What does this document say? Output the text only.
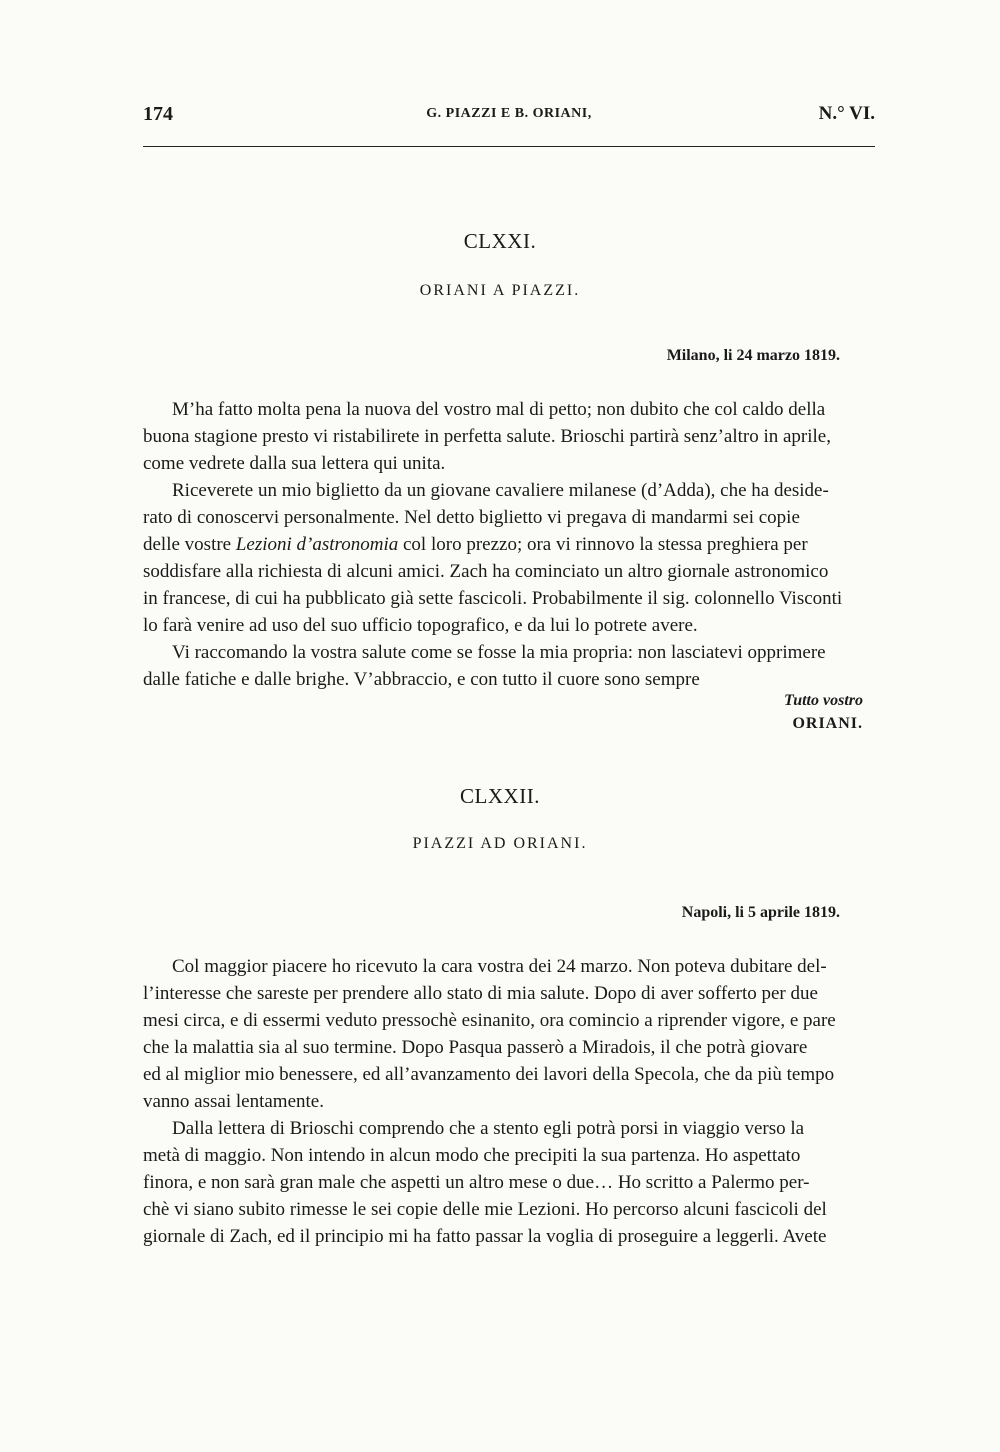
174	G. PIAZZI E B. ORIANI,	N.° VI.
CLXXI.
ORIANI A PIAZZI.
Milano, li 24 marzo 1819.
M’ha fatto molta pena la nuova del vostro mal di petto; non dubito che col caldo della
buona stagione presto vi ristabilirete in perfetta salute. Brioschi partirà senz’altro in aprile,
come vedrete dalla sua lettera qui unita.
Riceverete un mio biglietto da un giovane cavaliere milanese (d’Adda), che ha deside-
rato di conoscervi personalmente. Nel detto biglietto vi pregava di mandarmi sei copie
delle vostre Lezioni d’astronomia col loro prezzo; ora vi rinnovo la stessa preghiera per
soddisfare alla richiesta di alcuni amici. Zach ha cominciato un altro giornale astronomico
in francese, di cui ha pubblicato già sette fascicoli. Probabilmente il sig. colonnello Visconti
lo farà venire ad uso del suo ufficio topografico, e da lui lo potrete avere.
Vi raccomando la vostra salute come se fosse la mia propria: non lasciatevi opprimere
dalle fatiche e dalle brighe. V’abbraccio, e con tutto il cuore sono sempre
Tutto vostro
ORIANI.
CLXXII.
PIAZZI AD ORIANI.
Napoli, li 5 aprile 1819.
Col maggior piacere ho ricevuto la cara vostra dei 24 marzo. Non poteva dubitare del-
l’interesse che sareste per prendere allo stato di mia salute. Dopo di aver sofferto per due
mesi circa, e di essermi veduto pressochè esinanito, ora comincio a riprender vigore, e pare
che la malattia sia al suo termine. Dopo Pasqua passerò a Miradois, il che potrà giovare
ed al miglior mio benessere, ed all’avanzamento dei lavori della Specola, che da più tempo
vanno assai lentamente.
Dalla lettera di Brioschi comprendo che a stento egli potrà porsi in viaggio verso la
metà di maggio. Non intendo in alcun modo che precipiti la sua partenza. Ho aspettato
finora, e non sarà gran male che aspetti un altro mese o due… Ho scritto a Palermo per-
chè vi siano subito rimesse le sei copie delle mie Lezioni. Ho percorso alcuni fascicoli del
giornale di Zach, ed il principio mi ha fatto passar la voglia di proseguire a leggerli. Avete
